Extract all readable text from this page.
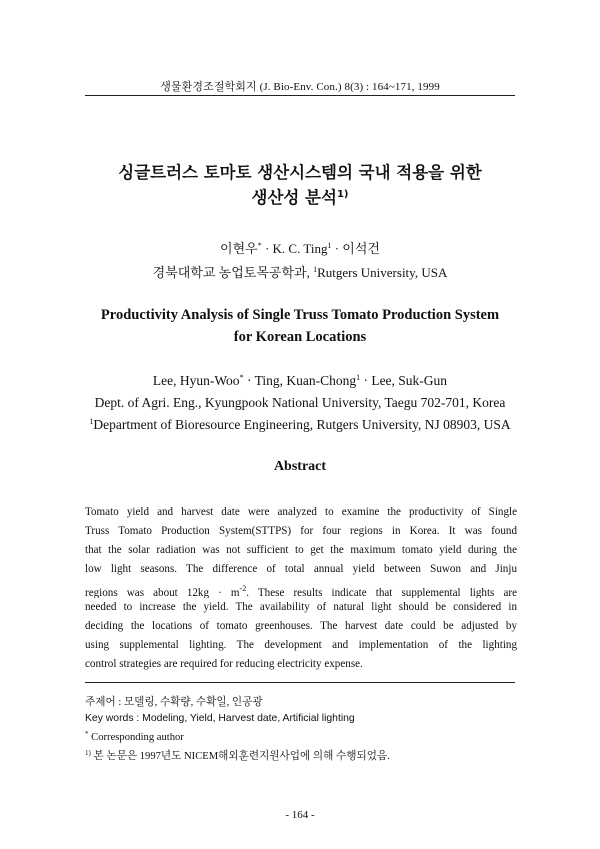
생물환경조절학회지 (J. Bio-Env. Con.) 8(3) : 164~171, 1999
싱글트러스 토마토 생산시스템의 국내 적용을 위한
생산성 분석$^{1)}$
이현우* · K. C. Ting$^1$ · 이석건
경북대학교 농업토목공학과, $^1$Rutgers University, USA
Productivity Analysis of Single Truss Tomato Production System
for Korean Locations
Lee, Hyun-Woo* · Ting, Kuan-Chong$^1$ · Lee, Suk-Gun
Dept. of Agri. Eng., Kyungpook National University, Taegu 702-701, Korea
$^1$Department of Bioresource Engineering, Rutgers University, NJ 08903, USA
Abstract
Tomato yield and harvest date were analyzed to examine the productivity of Single
Truss Tomato Production System(STTPS) for four regions in Korea. It was found
that the solar radiation was not sufficient to get the maximum tomato yield during the
low light seasons. The difference of total annual yield between Suwon and Jinju
regions was about $12kg \cdot m^{-2}$. These results indicate that supplemental lights are
needed to increase the yield. The availability of natural light should be considered in
deciding the locations of tomato greenhouses. The harvest date could be adjusted by
using supplemental lighting. The development and implementation of the lighting
control strategies are required for reducing electricity expense.
주제어 : 모델링, 수확량, 수확일, 인공광
Key words : Modeling, Yield, Harvest date, Artificial lighting
* Corresponding author
$^{1)}$ 본 논문은 1997년도 NICEM해외훈련지원사업에 의해 수행되었음.
- 164 -
